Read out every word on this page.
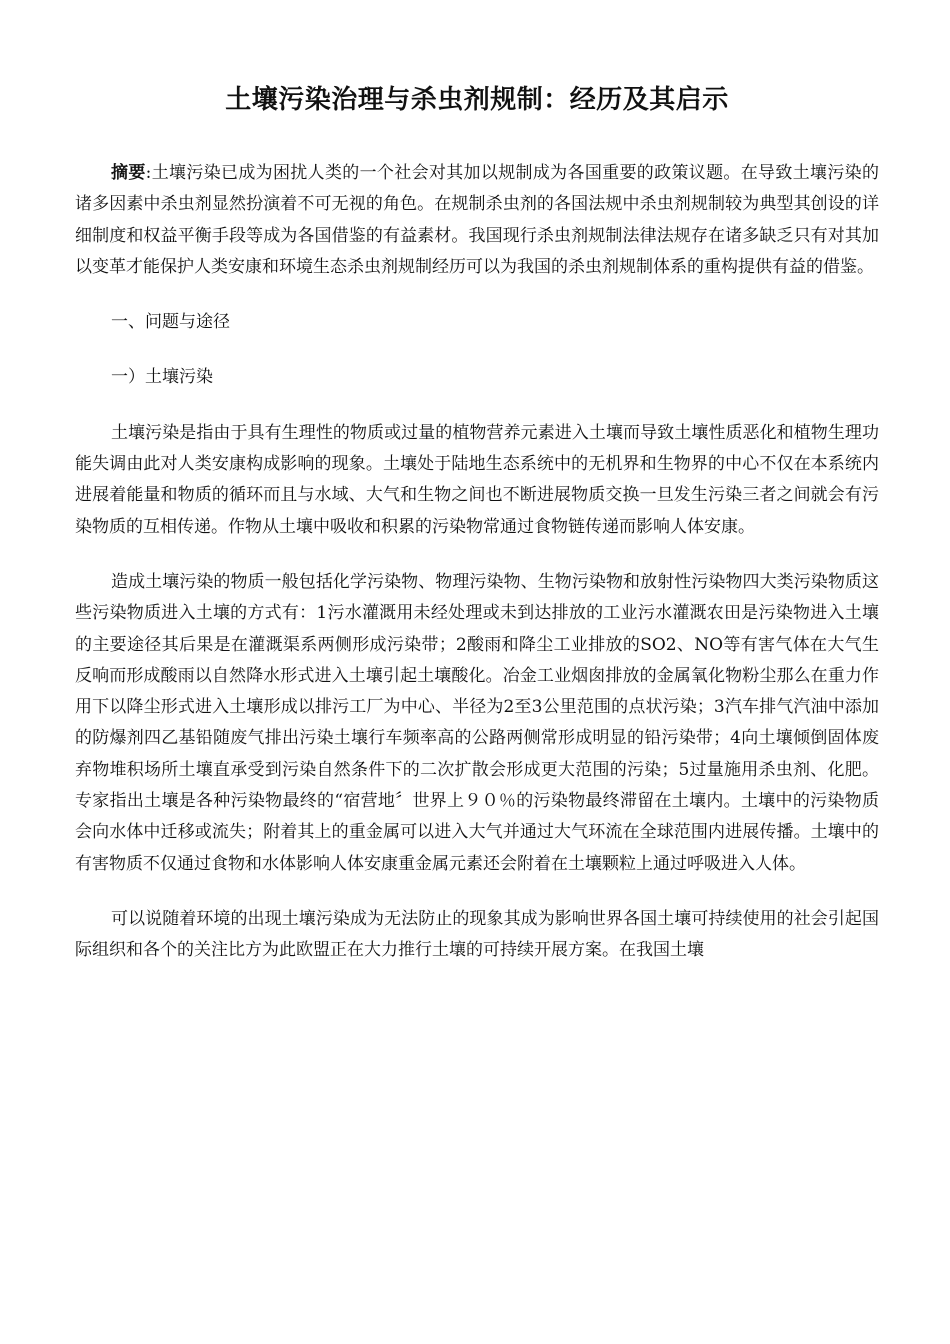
土壤污染治理与杀虫剂规制：经历及其启示

摘要:土壤污染已成为困扰人类的一个社会对其加以规制成为各国重要的政策议题。在导致土壤污染的诸多因素中杀虫剂显然扮演着不可无视的角色。在规制杀虫剂的各国法规中杀虫剂规制较为典型其创设的详细制度和权益平衡手段等成为各国借鉴的有益素材。我国现行杀虫剂规制法律法规存在诸多缺乏只有对其加以变革才能保护人类安康和环境生态杀虫剂规制经历可以为我国的杀虫剂规制体系的重构提供有益的借鉴。

一、问题与途径

一）土壤污染

土壤污染是指由于具有生理性的物质或过量的植物营养元素进入土壤而导致土壤性质恶化和植物生理功能失调由此对人类安康构成影响的现象。土壤处于陆地生态系统中的无机界和生物界的中心不仅在本系统内进展着能量和物质的循环而且与水域、大气和生物之间也不断进展物质交换一旦发生污染三者之间就会有污染物质的互相传递。作物从土壤中吸收和积累的污染物常通过食物链传递而影响人体安康。

造成土壤污染的物质一般包括化学污染物、物理污染物、生物污染物和放射性污染物四大类污染物质这些污染物质进入土壤的方式有：1污水灌溉用未经处理或未到达排放的工业污水灌溉农田是污染物进入土壤的主要途径其后果是在灌溉渠系两侧形成污染带；2酸雨和降尘工业排放的SO2、NO等有害气体在大气生反响而形成酸雨以自然降水形式进入土壤引起土壤酸化。冶金工业烟囱排放的金属氧化物粉尘那么在重力作用下以降尘形式进入土壤形成以排污工厂为中心、半径为2至3公里范围的点状污染；3汽车排气汽油中添加的防爆剂四乙基铅随废气排出污染土壤行车频率高的公路两侧常形成明显的铅污染带；4向土壤倾倒固体废弃物堆积场所土壤直承受到污染自然条件下的二次扩散会形成更大范围的污染；5过量施用杀虫剂、化肥。专家指出土壤是各种污染物最终的“宿营地〞世界上９０％的污染物最终滞留在土壤内。土壤中的污染物质会向水体中迁移或流失；附着其上的重金属可以进入大气并通过大气环流在全球范围内进展传播。土壤中的有害物质不仅通过食物和水体影响人体安康重金属元素还会附着在土壤颗粒上通过呼吸进入人体。

可以说随着环境的出现土壤污染成为无法防止的现象其成为影响世界各国土壤可持续使用的社会引起国际组织和各个的关注比方为此欧盟正在大力推行土壤的可持续开展方案。在我国土壤
